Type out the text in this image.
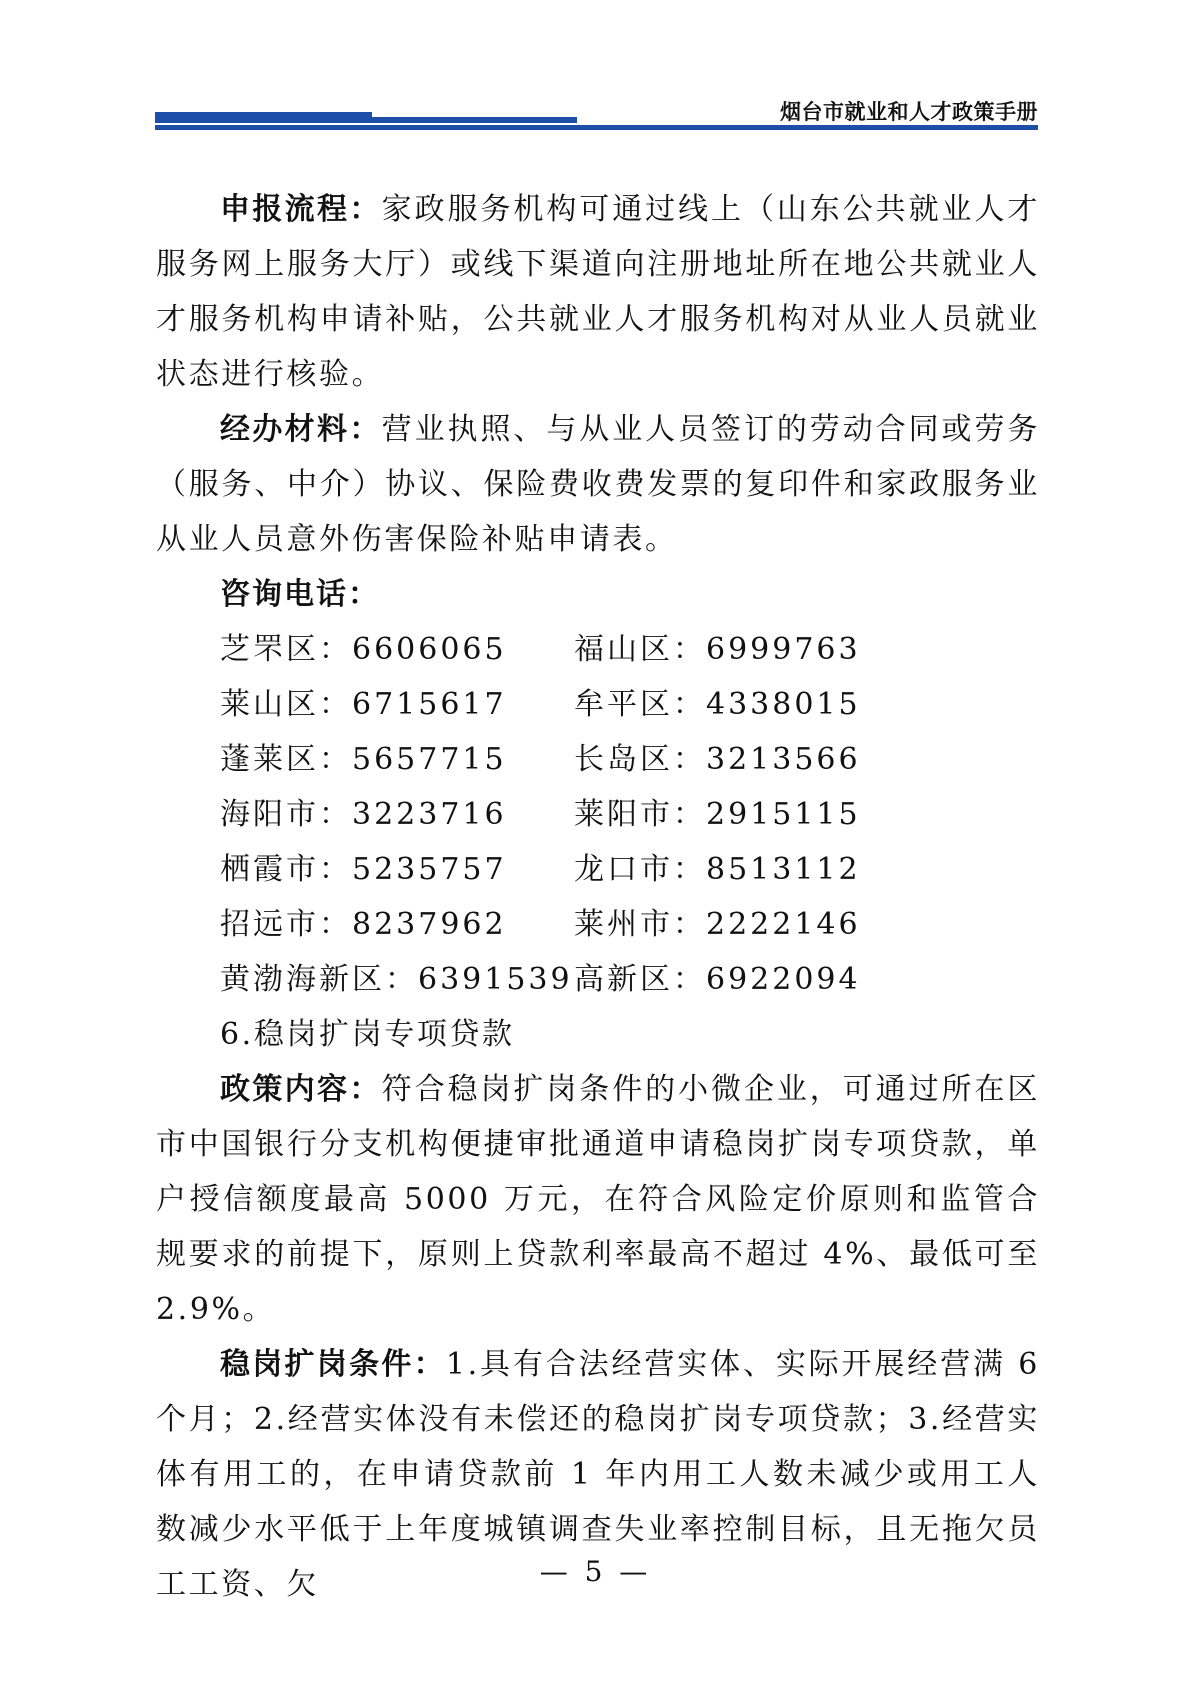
烟台市就业和人才政策手册

申报流程：家政服务机构可通过线上（山东公共就业人才服务网上服务大厅）或线下渠道向注册地址所在地公共就业人才服务机构申请补贴，公共就业人才服务机构对从业人员就业状态进行核验。

经办材料：营业执照、与从业人员签订的劳动合同或劳务（服务、中介）协议、保险费收费发票的复印件和家政服务业从业人员意外伤害保险补贴申请表。

咨询电话：

芝罘区：6606065 福山区：6999763
莱山区：6715617 牟平区：4338015
蓬莱区：5657715 长岛区：3213566
海阳市：3223716 莱阳市：2915115
栖霞市：5235757 龙口市：8513112
招远市：8237962 莱州市：2222146
黄渤海新区：6391539 高新区：6922094

6.稳岗扩岗专项贷款

政策内容：符合稳岗扩岗条件的小微企业，可通过所在区市中国银行分支机构便捷审批通道申请稳岗扩岗专项贷款，单户授信额度最高 5000 万元，在符合风险定价原则和监管合规要求的前提下，原则上贷款利率最高不超过 4%、最低可至 2.9%。

稳岗扩岗条件：1.具有合法经营实体、实际开展经营满 6 个月；2.经营实体没有未偿还的稳岗扩岗专项贷款；3.经营实体有用工的，在申请贷款前 1 年内用工人数未减少或用工人数减少水平低于上年度城镇调查失业率控制目标，且无拖欠员工工资、欠	— 5 —
